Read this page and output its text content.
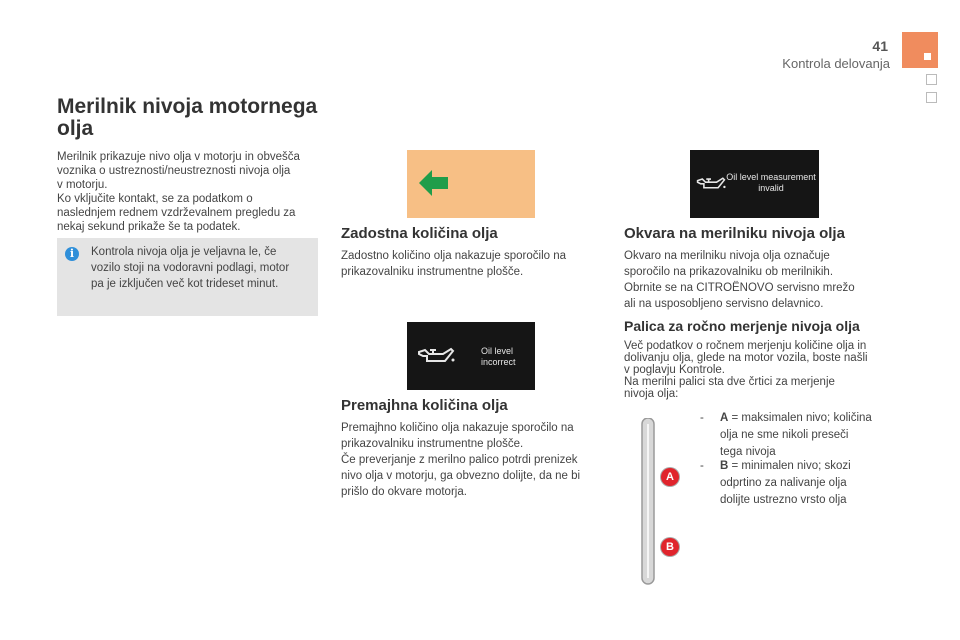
41
Kontrola delovanja
Merilnik nivoja motornega olja
Merilnik prikazuje nivo olja v motorju in obvešča
voznika o ustreznosti/neustreznosti nivoja olja
v motorju.
Ko vključite kontakt, se za podatkom o
naslednjem rednem vzdrževalnem pregledu za
nekaj sekund prikaže še ta podatek.
i	Kontrola nivoja olja je veljavna le, če
vozilo stoji na vodoravni podlagi, motor
pa je izključen več kot trideset minut.
Zadostna količina olja
Zadostno količino olja nakazuje sporočilo na
prikazovalniku instrumentne plošče.
Oil level
incorrect
Premajhna količina olja
Premajhno količino olja nakazuje sporočilo na
prikazovalniku instrumentne plošče.
Če preverjanje z merilno palico potrdi prenizek
nivo olja v motorju, ga obvezno dolijte, da ne bi
prišlo do okvare motorja.
Oil level measurement
invalid
Okvara na merilniku nivoja olja
Okvaro na merilniku nivoja olja označuje
sporočilo na prikazovalniku ob merilnikih.
Obrnite se na CITROËNOVO servisno mrežo
ali na usposobljeno servisno delavnico.
Palica za ročno merjenje nivoja olja
Več podatkov o ročnem merjenju količine olja in
dolivanju olja, glede na motor vozila, boste našli
v poglavju Kontrole.
Na merilni palici sta dve črtici za merjenje
nivoja olja:
- A = maksimalen nivo; količina
olja ne sme nikoli preseči
tega nivoja
- B = minimalen nivo; skozi
odprtino za nalivanje olja
dolijte ustrezno vrsto olja
A
B
